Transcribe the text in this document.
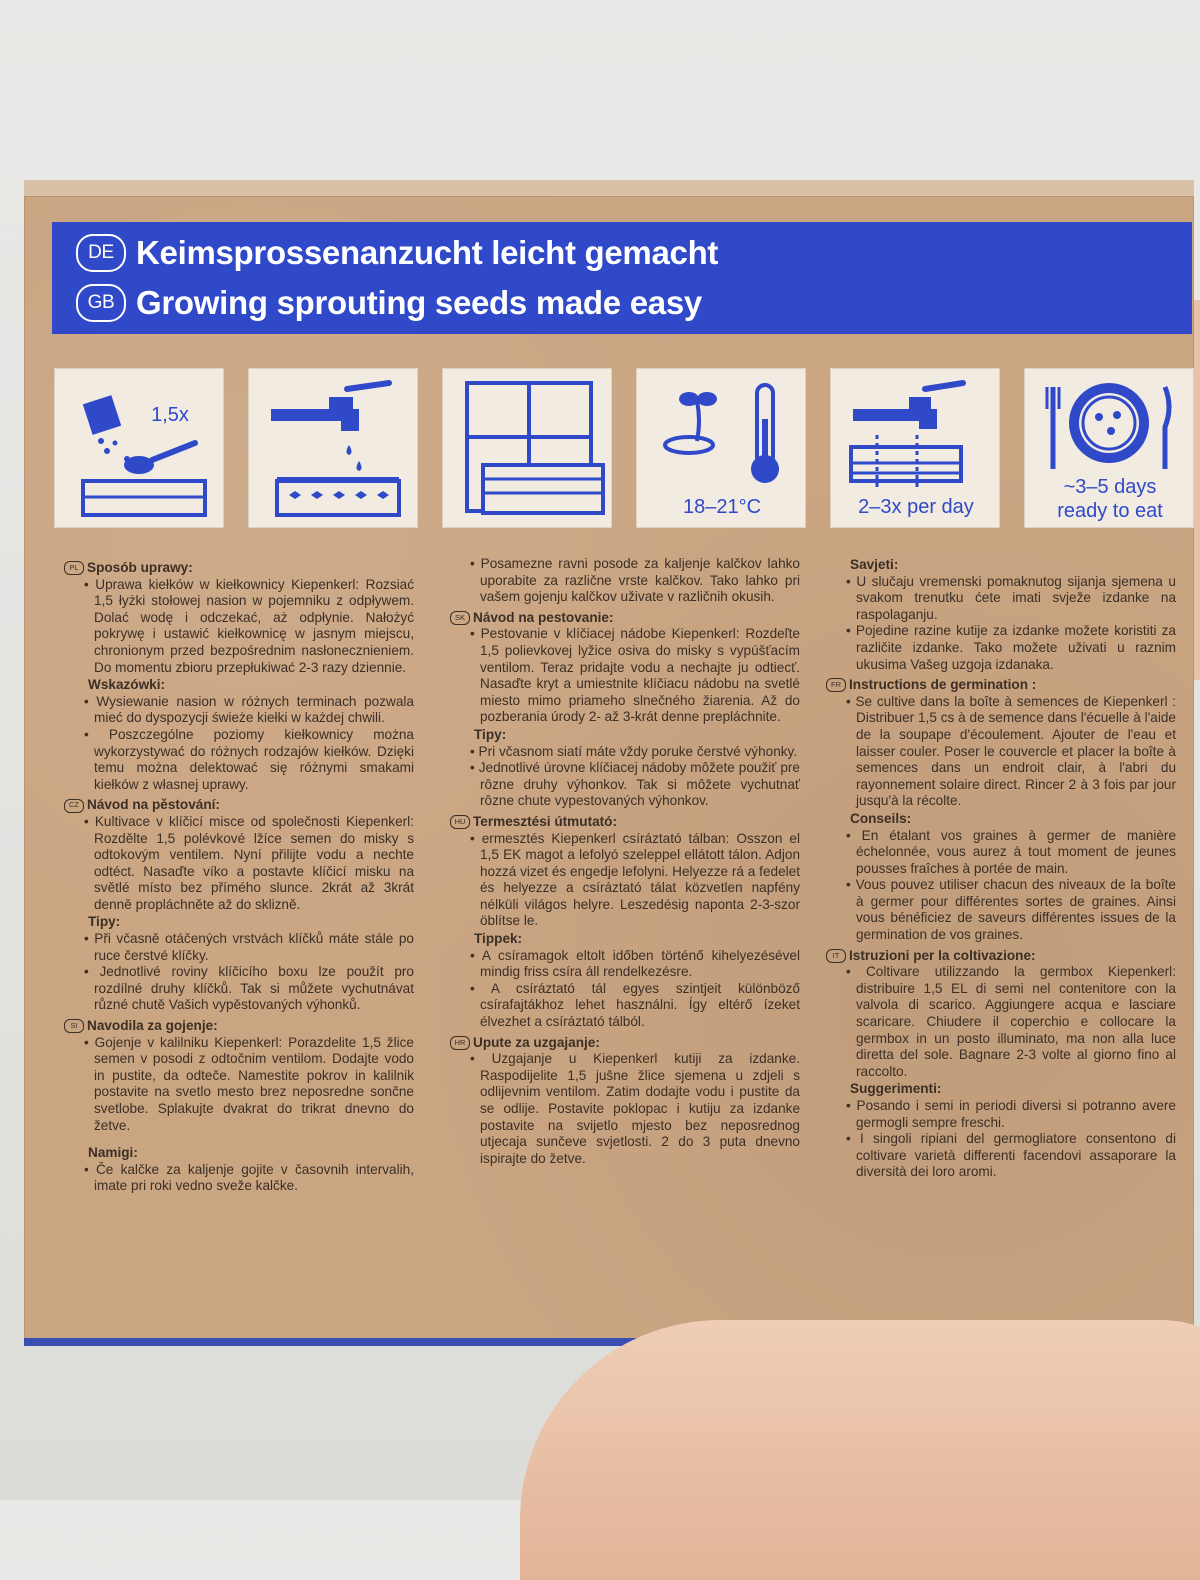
DE Keimsprossenanzucht leicht gemacht
GB Growing sprouting seeds made easy
1,5x
18–21°C	2–3x per day
~3–5 days
ready to eat
PL Sposób uprawy:
• Uprawa kiełków w kiełkownicy Kiepenkerl: Rozsiać 1,5 łyżki stołowej nasion w pojemniku z odpływem. Dolać wodę i odczekać, aż odpłynie. Nałożyć pokrywę i ustawić kiełkownicę w jasnym miejscu, chronionym przed bezpośrednim nasłonecznieniem. Do momentu zbioru przepłukiwać 2-3 razy dziennie.
Wskazówki:
• Wysiewanie nasion w różnych terminach pozwala mieć do dyspozycji świeże kiełki w każdej chwili.
• Poszczególne poziomy kiełkownicy można wykorzystywać do różnych rodzajów kiełków. Dzięki temu można delektować się różnymi smakami kiełków z własnej uprawy.
CZ Návod na pěstování:
• Kultivace v klíčicí misce od společnosti Kiepenkerl: Rozdělte 1,5 polévkové lžíce semen do misky s odtokovým ventilem. Nyní přilijte vodu a nechte odtéct. Nasaďte víko a postavte klíčicí misku na světlé místo bez přímého slunce. 2krát až 3krát denně propláchněte až do sklizně.
Tipy:
• Při včasně otáčených vrstvách klíčků máte stále po ruce čerstvé klíčky.
• Jednotlivé roviny klíčicího boxu lze použít pro rozdílné druhy klíčků. Tak si můžete vychutnávat různé chutě Vašich vypěstovaných výhonků.
SI Navodila za gojenje:
• Gojenje v kalilniku Kiepenkerl: Porazdelite 1,5 žlice semen v posodi z odtočnim ventilom. Dodajte vodo in pustite, da odteče. Namestite pokrov in kalilnik postavite na svetlo mesto brez neposredne sončne svetlobe. Splakujte dvakrat do trikrat dnevno do žetve.
Namigi:
• Če kalčke za kaljenje gojite v časovnih intervalih, imate pri roki vedno sveže kalčke.
• Posamezne ravni posode za kaljenje kalčkov lahko uporabite za različne vrste kalčkov. Tako lahko pri vašem gojenju kalčkov uživate v različnih okusih.
SK Návod na pestovanie:
• Pestovanie v klíčiacej nádobe Kiepenkerl: Rozdeľte 1,5 polievkovej lyžice osiva do misky s vypúšťacím ventilom. Teraz pridajte vodu a nechajte ju odtiecť. Nasaďte kryt a umiestnite klíčiacu nádobu na svetlé miesto mimo priameho slnečného žiarenia. Až do pozberania úrody 2- až 3-krát denne prepláchnite.
Tipy:
• Pri včasnom siatí máte vždy poruke čerstvé výhonky.
• Jednotlivé úrovne klíčiacej nádoby môžete použiť pre rôzne druhy výhonkov. Tak si môžete vychutnať rôzne chute vypestovaných výhonkov.
HU Termesztési útmutató:
• ermesztés Kiepenkerl csíráztató tálban: Osszon el 1,5 EK magot a lefolyó szeleppel ellátott tálon. Adjon hozzá vizet és engedje lefolyni. Helyezze rá a fedelet és helyezze a csíráztató tálat közvetlen napfény nélküli világos helyre. Leszedésig naponta 2-3-szor öblítse le.
Tippek:
• A csíramagok eltolt időben történő kihelyezésével mindig friss csíra áll rendelkezésre.
• A csíráztató tál egyes szintjeit különböző csírafajtákhoz lehet használni. Így eltérő ízeket élvezhet a csíráztató tálból.
HR Upute za uzgajanje:
• Uzgajanje u Kiepenkerl kutiji za izdanke. Raspodijelite 1,5 jušne žlice sjemena u zdjeli s odlijevnim ventilom. Zatim dodajte vodu i pustite da se odlije. Postavite poklopac i kutiju za izdanke postavite na svijetlo mjesto bez neposrednog utjecaja sunčeve svjetlosti. 2 do 3 puta dnevno ispirajte do žetve.
Savjeti:
• U slučaju vremenski pomaknutog sijanja sjemena u svakom trenutku ćete imati svježe izdanke na raspolaganju.
• Pojedine razine kutije za izdanke možete koristiti za različite izdanke. Tako možete uživati u raznim ukusima Vašeg uzgoja izdanaka.
FR Instructions de germination :
• Se cultive dans la boîte à semences de Kiepenkerl : Distribuer 1,5 cs à de semence dans l'écuelle à l'aide de la soupape d'écoulement. Ajouter de l'eau et laisser couler. Poser le couvercle et placer la boîte à semences dans un endroit clair, à l'abri du rayonnement solaire direct. Rincer 2 à 3 fois par jour jusqu'à la récolte.
Conseils:
• En étalant vos graines à germer de manière échelonnée, vous aurez à tout moment de jeunes pousses fraîches à portée de main.
• Vous pouvez utiliser chacun des niveaux de la boîte à germer pour différentes sortes de graines. Ainsi vous bénéficiez de saveurs différentes issues de la germination de vos graines.
IT Istruzioni per la coltivazione:
• Coltivare utilizzando la germbox Kiepenkerl: distribuire 1,5 EL di semi nel contenitore con la valvola di scarico. Aggiungere acqua e lasciare scaricare. Chiudere il coperchio e collocare la germbox in un posto illuminato, ma non alla luce diretta del sole. Bagnare 2-3 volte al giorno fino al raccolto.
Suggerimenti:
• Posando i semi in periodi diversi si potranno avere germogli sempre freschi.
• I singoli ripiani del germogliatore consentono di coltivare varietà differenti facendovi assaporare la diversità dei loro aromi.
